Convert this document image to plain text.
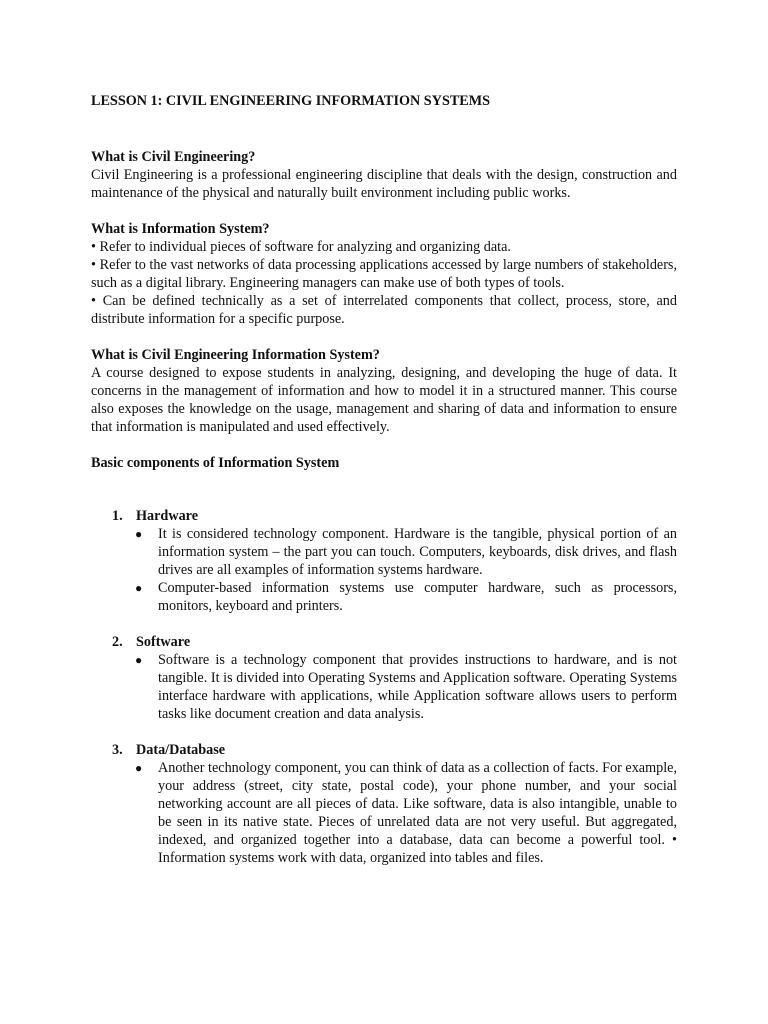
LESSON 1: CIVIL ENGINEERING INFORMATION SYSTEMS
What is Civil Engineering?

Civil Engineering is a professional engineering discipline that deals with the design, construction and maintenance of the physical and naturally built environment including public works.

What is Information System?
• Refer to individual pieces of software for analyzing and organizing data.
• Refer to the vast networks of data processing applications accessed by large numbers of stakeholders, such as a digital library. Engineering managers can make use of both types of tools.
• Can be defined technically as a set of interrelated components that collect, process, store, and distribute information for a specific purpose.
What is Civil Engineering Information System?

A course designed to expose students in analyzing, designing, and developing the huge of data. It concerns in the management of information and how to model it in a structured manner. This course also exposes the knowledge on the usage, management and sharing of data and information to ensure that information is manipulated and used effectively.

Basic components of Information System
1. Hardware
● It is considered technology component. Hardware is the tangible, physical portion of an information system – the part you can touch. Computers, keyboards, disk drives, and flash drives are all examples of information systems hardware.
● Computer-based information systems use computer hardware, such as processors, monitors, keyboard and printers.
2. Software
● Software is a technology component that provides instructions to hardware, and is not tangible. It is divided into Operating Systems and Application software. Operating Systems interface hardware with applications, while Application software allows users to perform tasks like document creation and data analysis.
3. Data/Database
● Another technology component, you can think of data as a collection of facts. For example, your address (street, city state, postal code), your phone number, and your social networking account are all pieces of data. Like software, data is also intangible, unable to be seen in its native state. Pieces of unrelated data are not very useful. But aggregated, indexed, and organized together into a database, data can become a powerful tool. • Information systems work with data, organized into tables and files.
